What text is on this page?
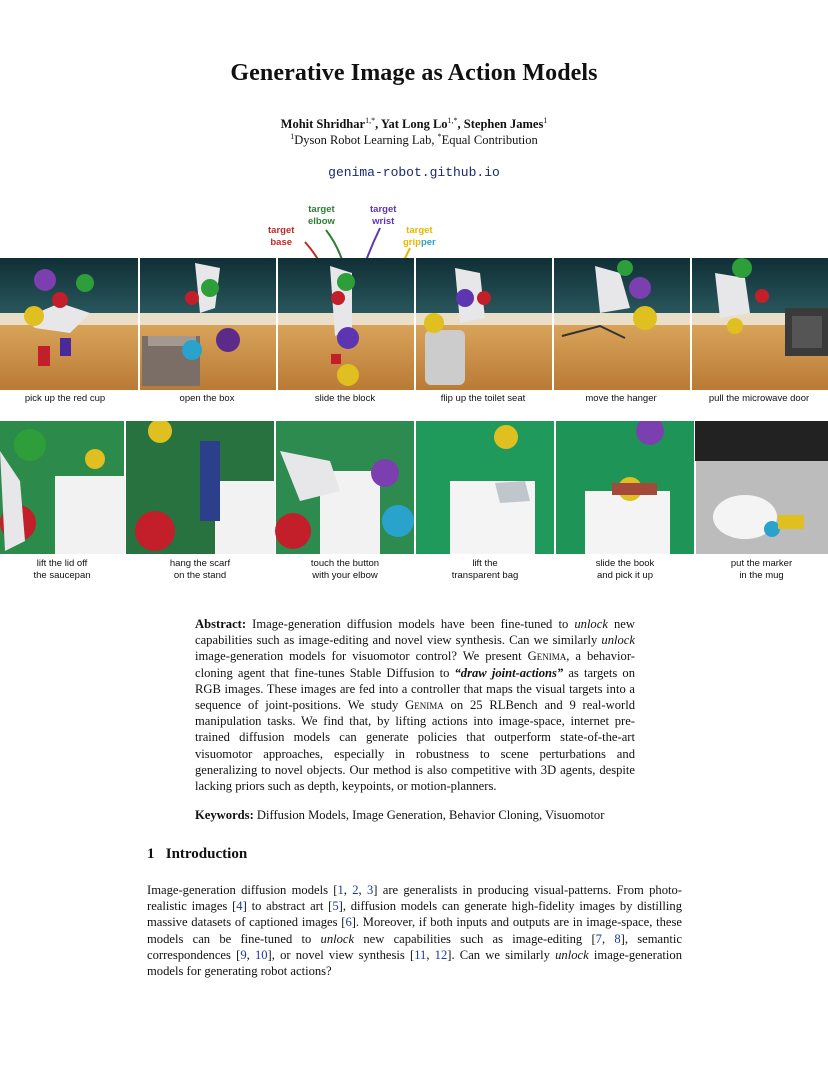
Generative Image as Action Models
Mohit Shridhar$^{1,*}$, Yat Long $Lo^{1,*}$, Stephen James$^1$
$^1$Dyson Robot Learning Lab, *Equal Contribution
genima-robot.github.io
target
base
target
elbow
target
wrist
target
gripper
pick up the red cup	open the box	slide the block	flip up the toilet seat	move the hanger	pull the microwave door
lift the lid off
the saucepan
hang the scarf
on the stand
touch the button
with your elbow
lift the
transparent bag
slide the book
and pick it up
put the marker
in the mug
Abstract: Image-generation diffusion models have been fine-tuned to unlock new capabilities such as image-editing and novel view synthesis. Can we similarly unlock image-generation models for visuomotor control? We present Genima, a behavior-cloning agent that fine-tunes Stable Diffusion to “draw joint-actions” as targets on RGB images. These images are fed into a controller that maps the visual targets into a sequence of joint-positions. We study Genima on 25 RLBench and 9 real-world manipulation tasks. We find that, by lifting actions into image-space, internet pre-trained diffusion models can generate policies that outperform state-of-the-art visuomotor approaches, especially in robustness to scene perturbations and generalizing to novel objects. Our method is also competitive with 3D agents, despite lacking priors such as depth, keypoints, or motion-planners.
Keywords: Diffusion Models, Image Generation, Behavior Cloning, Visuomotor
1 Introduction
Image-generation diffusion models [1, 2, 3] are generalists in producing visual-patterns. From photo-realistic images [4] to abstract art [5], diffusion models can generate high-fidelity images by distilling massive datasets of captioned images [6]. Moreover, if both inputs and outputs are in image-space, these models can be fine-tuned to unlock new capabilities such as image-editing [7, 8], semantic correspondences [9, 10], or novel view synthesis [11, 12]. Can we similarly unlock image-generation models for generating robot actions?
